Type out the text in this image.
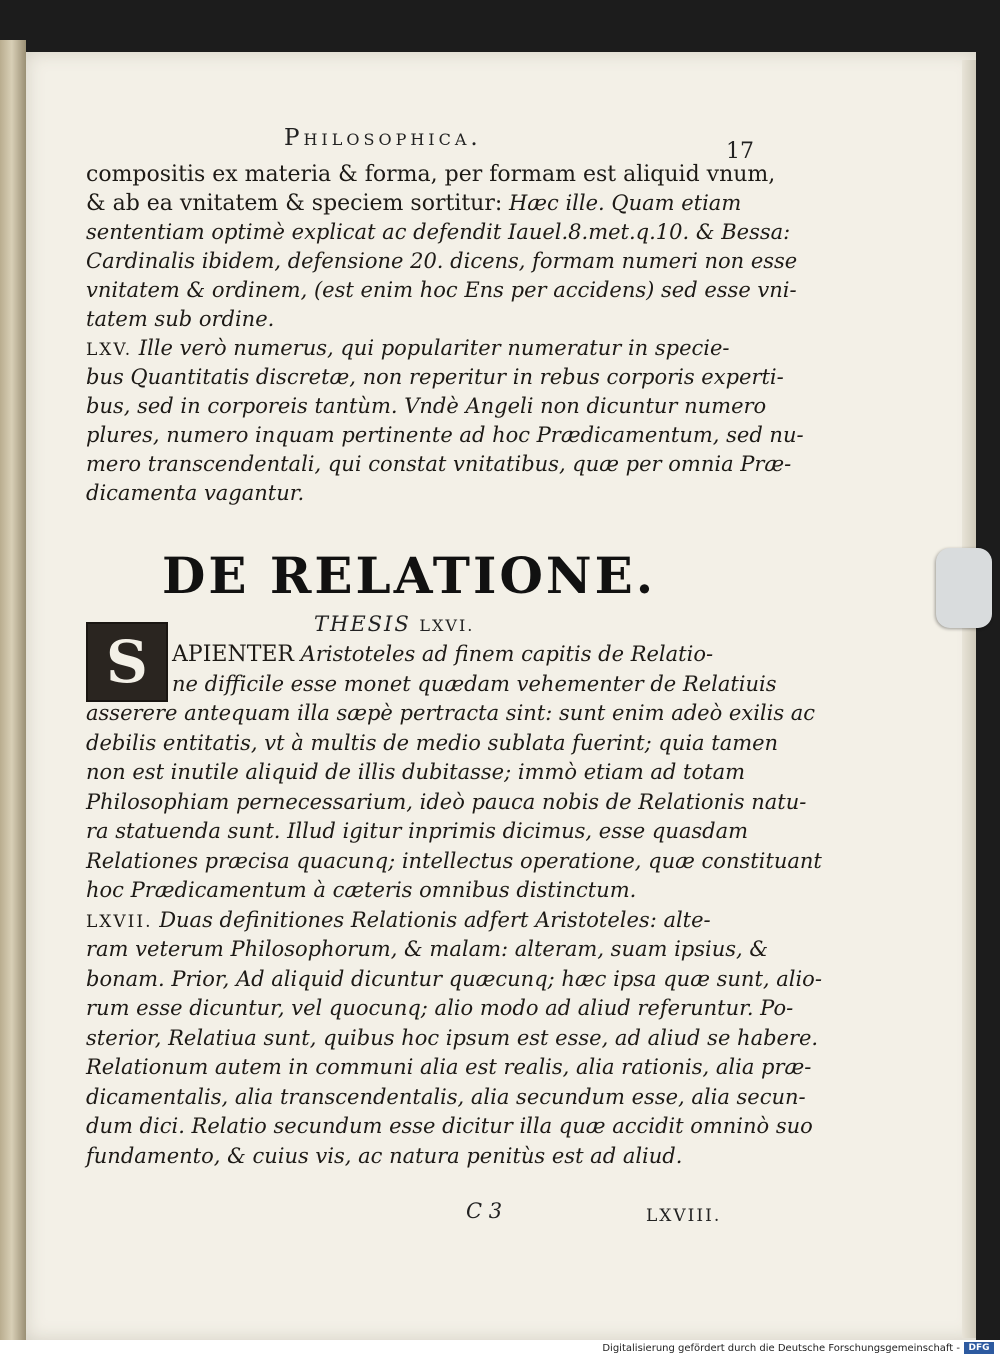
Philosophica.
17
compositis ex materia & forma, per formam est aliquid vnum,
& ab ea vnitatem & speciem sortitur: Hæc ille. Quam etiam
sententiam optimè explicat ac defendit Iauel.8.met.q.10. & Bessa:
Cardinalis ibidem, defensione 20. dicens, formam numeri non esse
vnitatem & ordinem, (est enim hoc Ens per accidens) sed esse vni-
tatem sub ordine.
LXV. Ille verò numerus, qui populariter numeratur in specie-
bus Quantitatis discretæ, non reperitur in rebus corporis experti-
bus, sed in corporeis tantùm. Vndè Angeli non dicuntur numero
plures, numero inquam pertinente ad hoc Prædicamentum, sed nu-
mero transcendentali, qui constat vnitatibus, quæ per omnia Præ-
dicamenta vagantur.
DE RELATIONE.
THESIS LXVI.
S APIENTER Aristoteles ad finem capitis de Relatio-
ne difficile esse monet quædam vehementer de Relatiuis
asserere antequam illa sæpè pertracta sint: sunt enim adeò exilis ac
debilis entitatis, vt à multis de medio sublata fuerint; quia tamen
non est inutile aliquid de illis dubitasse; immò etiam ad totam
Philosophiam pernecessarium, ideò pauca nobis de Relationis natu-
ra statuenda sunt. Illud igitur inprimis dicimus, esse quasdam
Relationes præcisa quacunq; intellectus operatione, quæ constituant
hoc Prædicamentum à cæteris omnibus distinctum.
LXVII. Duas definitiones Relationis adfert Aristoteles: alte-
ram veterum Philosophorum, & malam: alteram, suam ipsius, &
bonam. Prior, Ad aliquid dicuntur quæcunq; hæc ipsa quæ sunt, alio-
rum esse dicuntur, vel quocunq; alio modo ad aliud referuntur. Po-
sterior, Relatiua sunt, quibus hoc ipsum est esse, ad aliud se habere.
Relationum autem in communi alia est realis, alia rationis, alia præ-
dicamentalis, alia transcendentalis, alia secundum esse, alia secun-
dum dici. Relatio secundum esse dicitur illa quæ accidit omninò suo
fundamento, & cuius vis, ac natura penitùs est ad aliud.
C 3	LXVIII.
Digitalisierung gefördert durch die Deutsche Forschungsgemeinschaft - DFG
